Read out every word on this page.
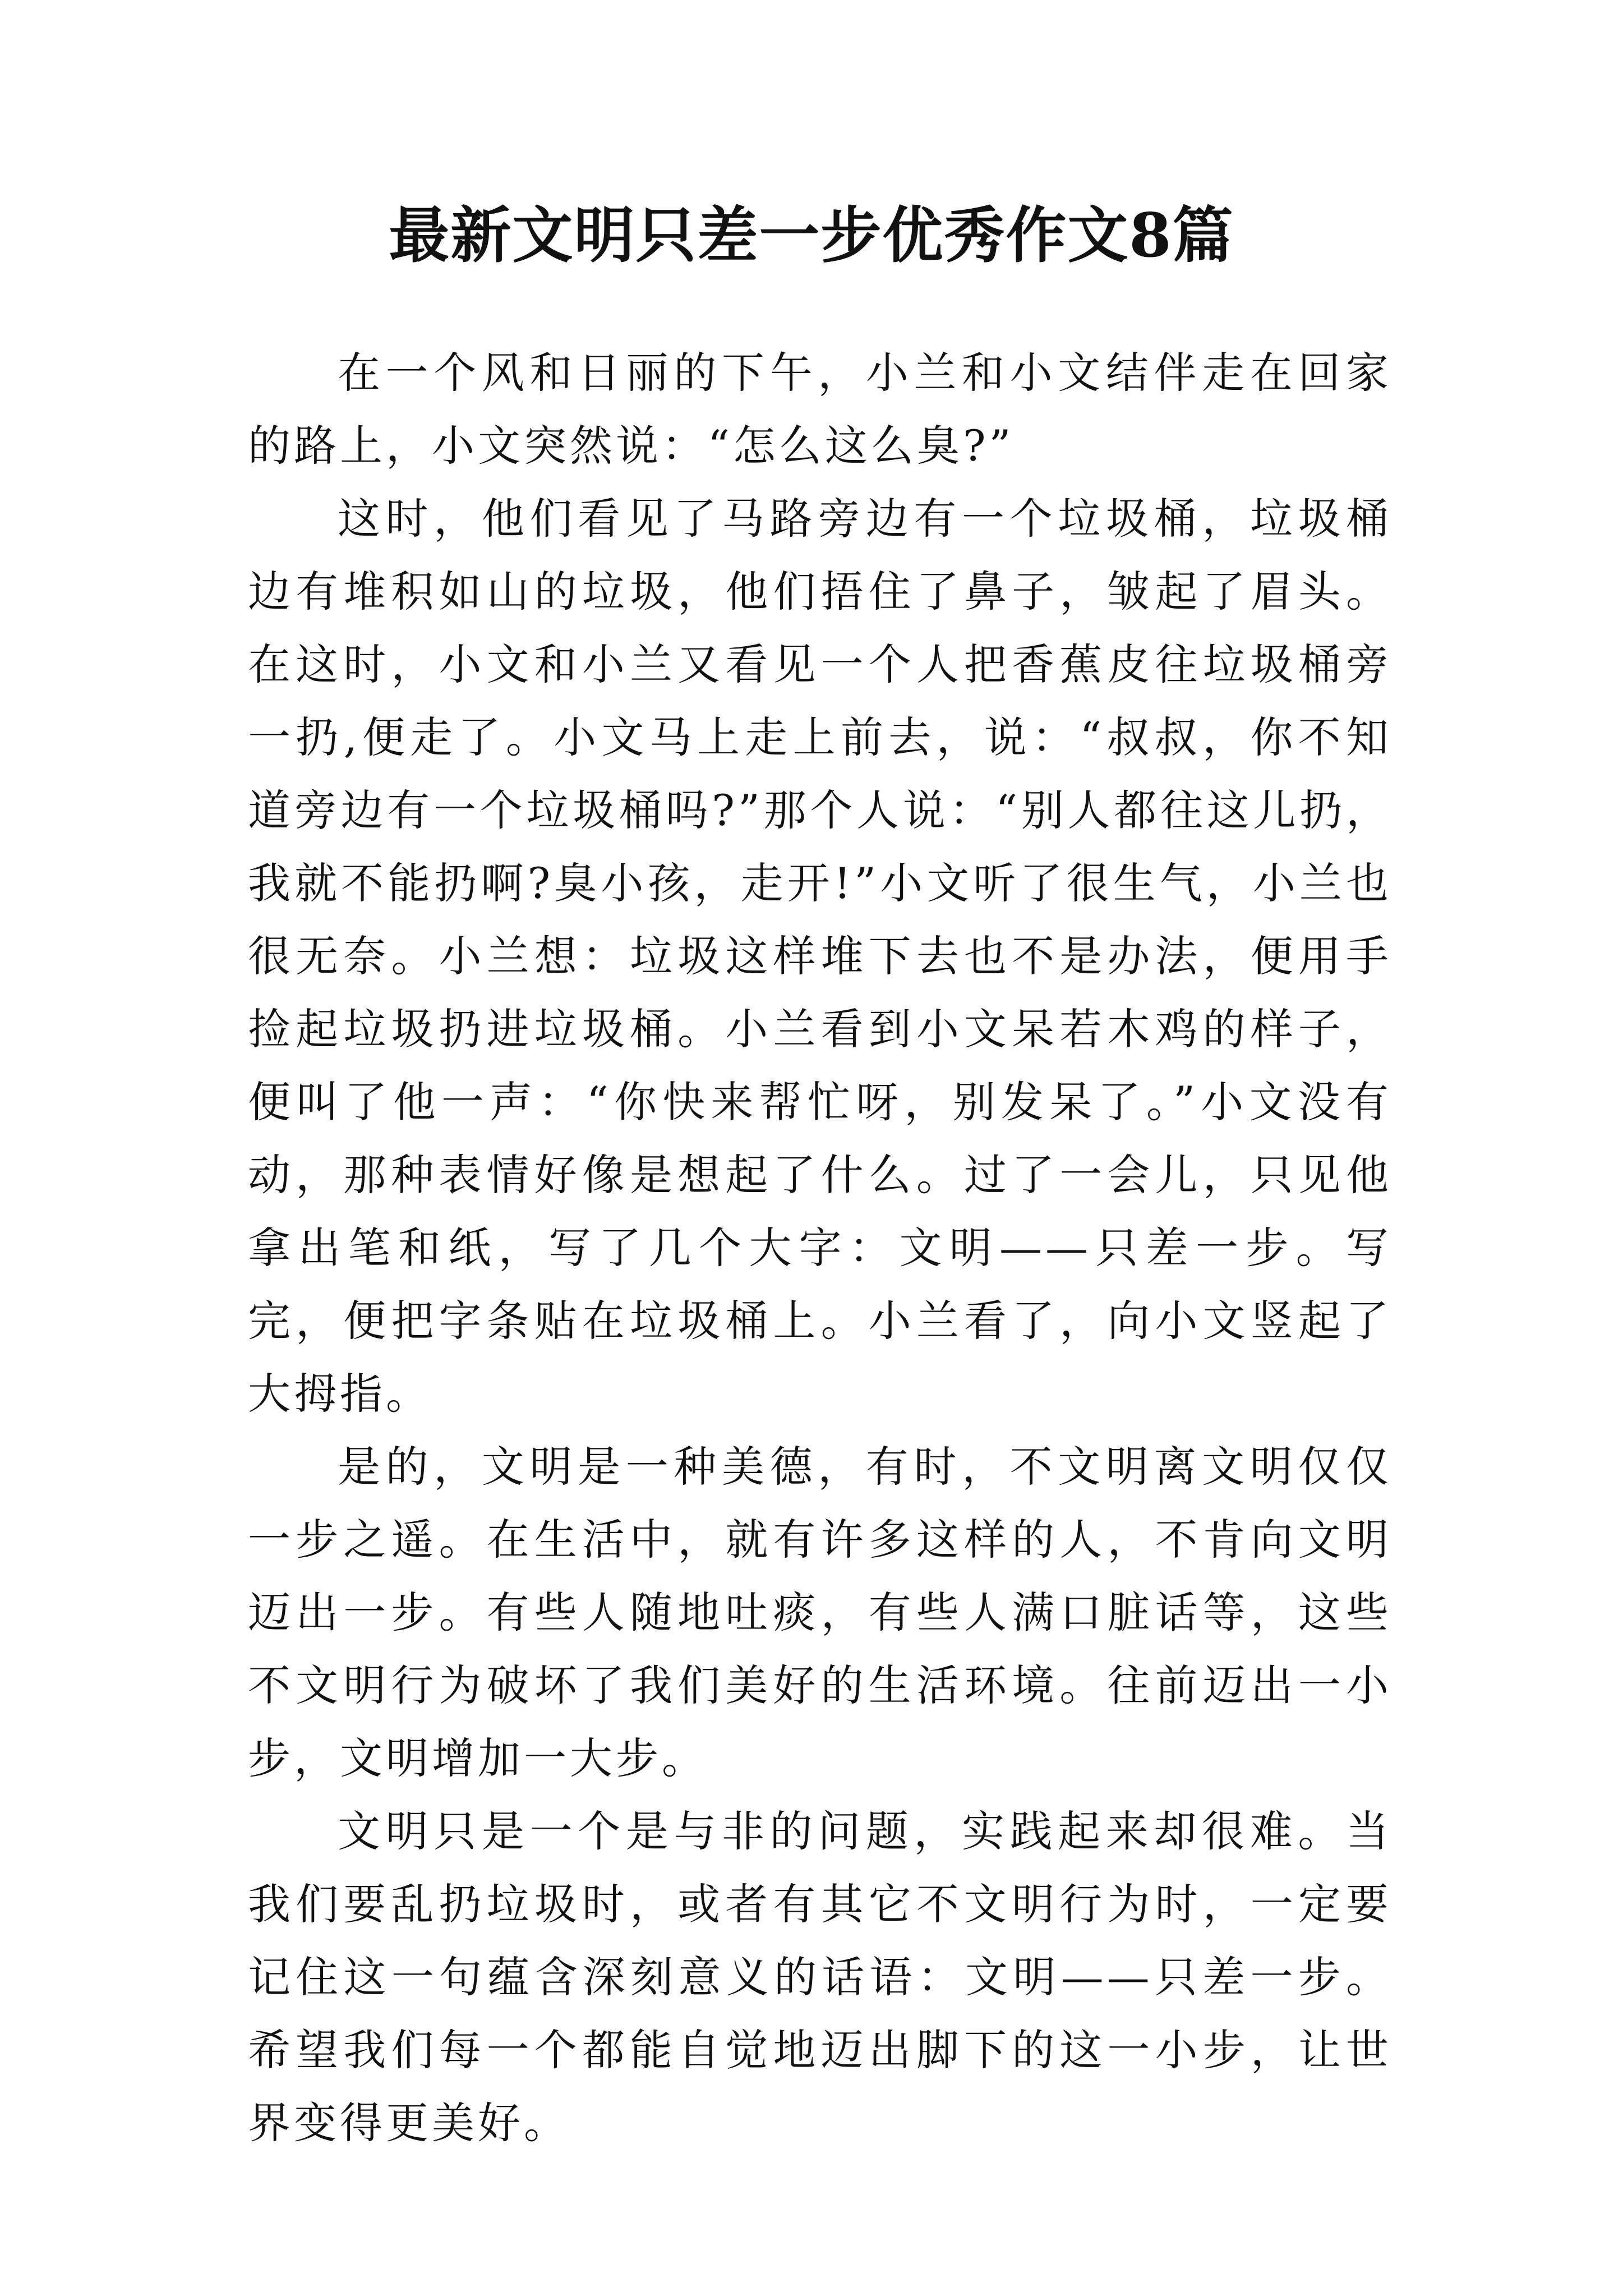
最新文明只差一步优秀作文8篇

在一个风和日丽的下午，小兰和小文结伴走在回家的路上，小文突然说：“怎么这么臭?”

这时，他们看见了马路旁边有一个垃圾桶，垃圾桶边有堆积如山的垃圾，他们捂住了鼻子，皱起了眉头。在这时，小文和小兰又看见一个人把香蕉皮往垃圾桶旁一扔,便走了。小文马上走上前去，说：“叔叔，你不知道旁边有一个垃圾桶吗?”那个人说：“别人都往这儿扔，我就不能扔啊?臭小孩，走开!”小文听了很生气，小兰也很无奈。小兰想：垃圾这样堆下去也不是办法，便用手捡起垃圾扔进垃圾桶。小兰看到小文呆若木鸡的样子，便叫了他一声：“你快来帮忙呀，别发呆了。”小文没有动，那种表情好像是想起了什么。过了一会儿，只见他拿出笔和纸，写了几个大字：文明——只差一步。写完，便把字条贴在垃圾桶上。小兰看了，向小文竖起了大拇指。

是的，文明是一种美德，有时，不文明离文明仅仅一步之遥。在生活中，就有许多这样的人，不肯向文明迈出一步。有些人随地吐痰，有些人满口脏话等，这些不文明行为破坏了我们美好的生活环境。往前迈出一小步，文明增加一大步。

文明只是一个是与非的问题，实践起来却很难。当我们要乱扔垃圾时，或者有其它不文明行为时，一定要记住这一句蕴含深刻意义的话语：文明——只差一步。希望我们每一个都能自觉地迈出脚下的这一小步，让世界变得更美好。
